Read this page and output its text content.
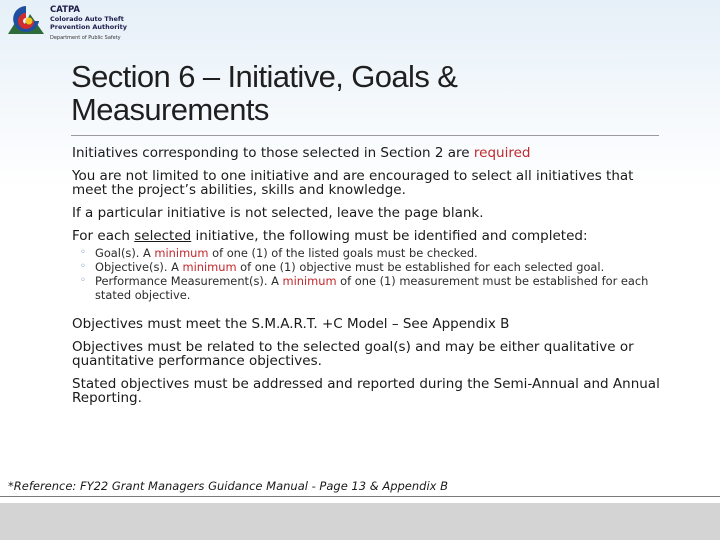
CATPA
Colorado Auto Theft
Prevention Authority
Department of Public Safety
Section 6 – Initiative, Goals &
Measurements

Initiatives corresponding to those selected in Section 2 are required

You are not limited to one initiative and are encouraged to select all initiatives that meet the project’s abilities, skills and knowledge.

If a particular initiative is not selected, leave the page blank.

For each selected initiative, the following must be identified and completed:

◦ Goal(s). A minimum of one (1) of the listed goals must be checked.
◦ Objective(s). A minimum of one (1) objective must be established for each selected goal.
◦ Performance Measurement(s). A minimum of one (1) measurement must be established for each stated objective.

Objectives must meet the S.M.A.R.T. +C Model – See Appendix B

Objectives must be related to the selected goal(s) and may be either qualitative or quantitative performance objectives.

Stated objectives must be addressed and reported during the Semi-Annual and Annual Reporting.

*Reference: FY22 Grant Managers Guidance Manual - Page 13 & Appendix B
